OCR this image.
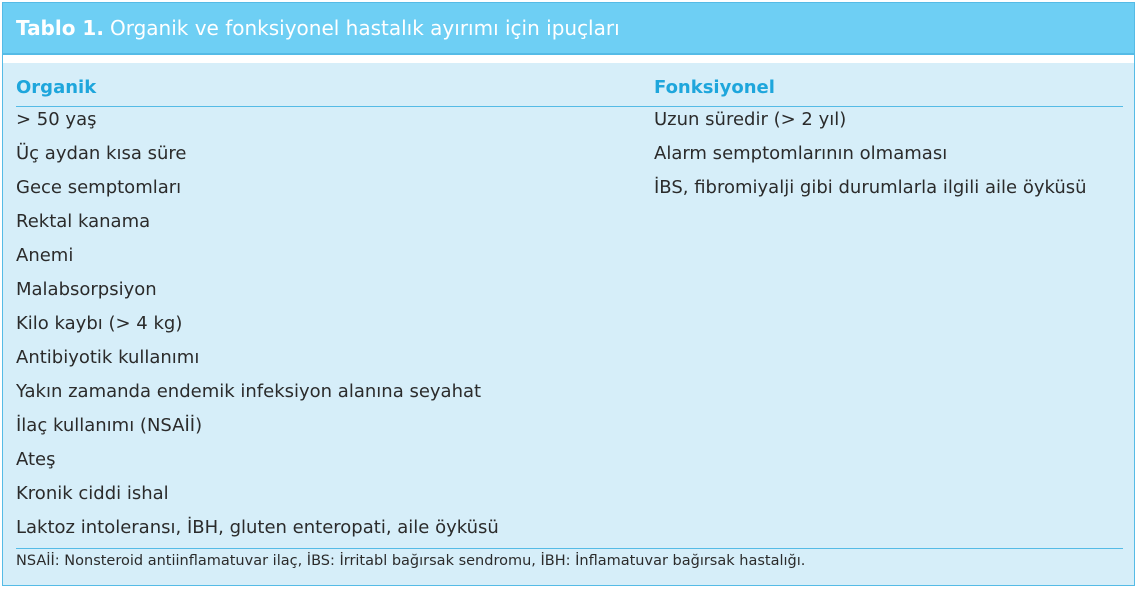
Tablo 1. Organik ve fonksiyonel hastalık ayırımı için ipuçları
Organik	Fonksiyonel
> 50 yaş
Üç aydan kısa süre
Gece semptomları
Rektal kanama
Anemi
Malabsorpsiyon
Kilo kaybı (> 4 kg)
Antibiyotik kullanımı
Yakın zamanda endemik infeksiyon alanına seyahat
İlaç kullanımı (NSAİİ)
Ateş
Kronik ciddi ishal
Laktoz intoleransı, İBH, gluten enteropati, aile öyküsü
Uzun süredir (> 2 yıl)
Alarm semptomlarının olmaması
İBS, fibromiyalji gibi durumlarla ilgili aile öyküsü
NSAİİ: Nonsteroid antiinflamatuvar ilaç, İBS: İrritabl bağırsak sendromu, İBH: İnflamatuvar bağırsak hastalığı.
